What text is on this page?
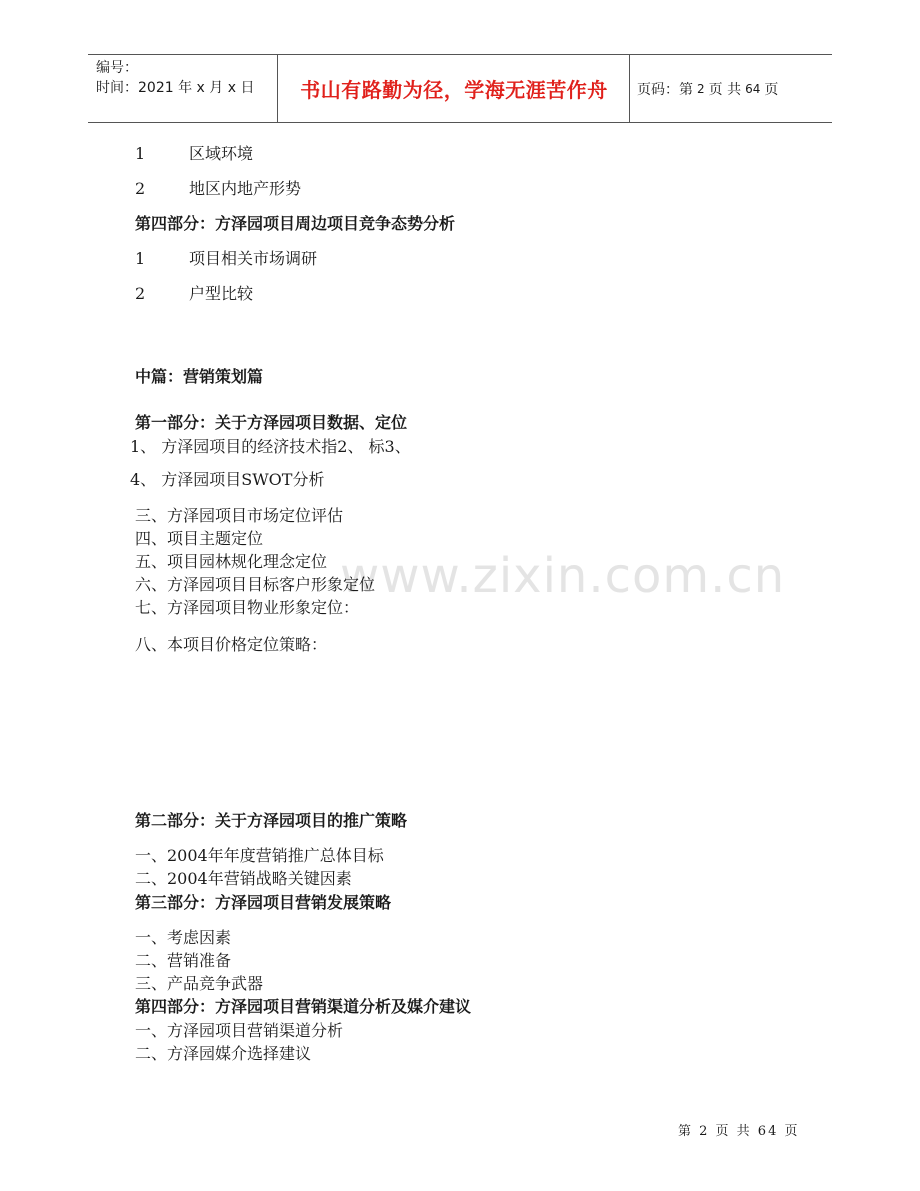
编号：
时间：2021 年 x 月 x 日	书山有路勤为径，学海无涯苦作舟	页码：第 2 页 共 64 页
www.zixin.com.cn
1	区域环境
2	地区内地产形势
第四部分：方泽园项目周边项目竞争态势分析
1	项目相关市场调研
2	户型比较
中篇：营销策划篇
第一部分：关于方泽园项目数据、定位
1、 方泽园项目的经济技术指2、 标3、
4、 方泽园项目SWOT分析
三、方泽园项目市场定位评估
四、项目主题定位
五、项目园林规化理念定位
六、方泽园项目目标客户形象定位
七、方泽园项目物业形象定位：
八、本项目价格定位策略：
第二部分：关于方泽园项目的推广策略
一、2004年年度营销推广总体目标
二、2004年营销战略关键因素
第三部分：方泽园项目营销发展策略
一、考虑因素
二、营销准备
三、产品竞争武器
第四部分：方泽园项目营销渠道分析及媒介建议
一、方泽园项目营销渠道分析
二、方泽园媒介选择建议
第 2 页 共 64 页
